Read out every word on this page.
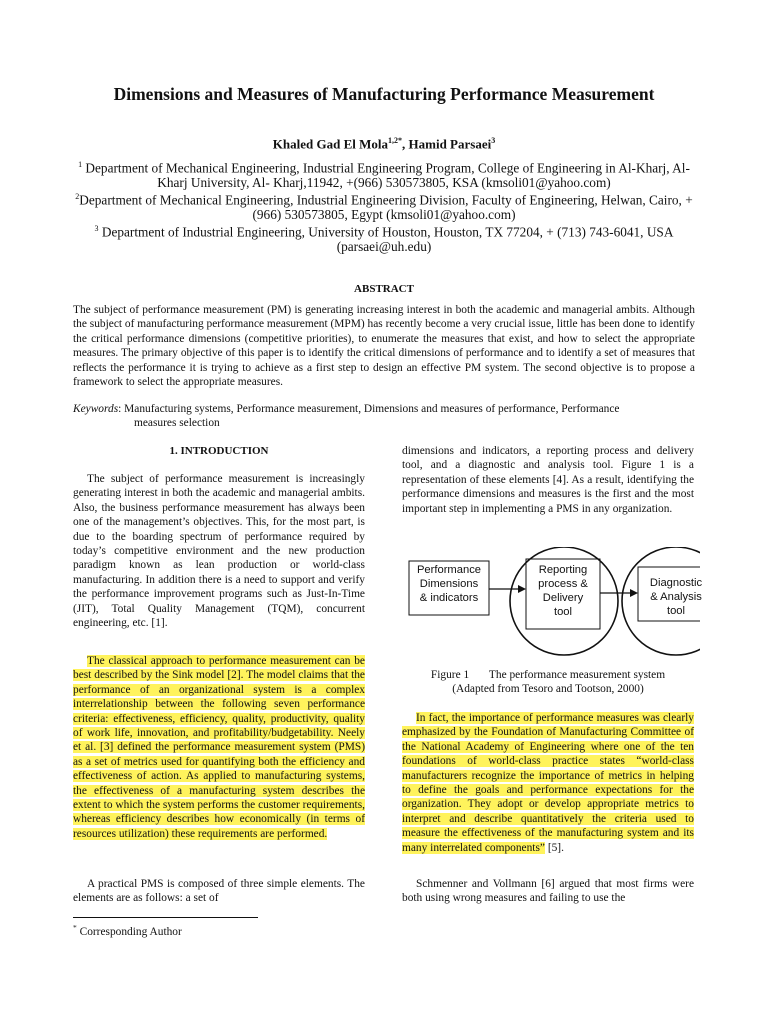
Dimensions and Measures of Manufacturing Performance Measurement
Khaled Gad El Mola$^{1,2*}$, Hamid Parsaei$^3$
$^1$ Department of Mechanical Engineering, Industrial Engineering Program, College of Engineering in Al-Kharj, Al- Kharj University, Al- Kharj,11942, +(966) 530573805, KSA (kmsoli01@yahoo.com)
$^2$Department of Mechanical Engineering, Industrial Engineering Division, Faculty of Engineering, Helwan, Cairo, +(966) 530573805, Egypt (kmsoli01@yahoo.com)
$^3$ Department of Industrial Engineering, University of Houston, Houston, TX 77204, + (713) 743-6041, USA (parsaei@uh.edu)
ABSTRACT
The subject of performance measurement (PM) is generating increasing interest in both the academic and managerial ambits. Although the subject of manufacturing performance measurement (MPM) has recently become a very crucial issue, little has been done to identify the critical performance dimensions (competitive priorities), to enumerate the measures that exist, and how to select the appropriate measures. The primary objective of this paper is to identify the critical dimensions of performance and to identify a set of measures that reflects the performance it is trying to achieve as a first step to design an effective PM system. The second objective is to propose a framework to select the appropriate measures.
Keywords: Manufacturing systems, Performance measurement, Dimensions and measures of performance, Performance
measures selection
1. INTRODUCTION

The subject of performance measurement is increasingly generating interest in both the academic and managerial ambits. Also, the business performance measurement has always been one of the management’s objectives. This, for the most part, is due to the boarding spectrum of performance required by today’s competitive environment and the new production paradigm known as lean production or world-class manufacturing. In addition there is a need to support and verify the performance improvement programs such as Just-In-Time (JIT), Total Quality Management (TQM), concurrent engineering, etc. [1].

The classical approach to performance measurement can be best described by the Sink model [2]. The model claims that the performance of an organizational system is a complex interrelationship between the following seven performance criteria: effectiveness, efficiency, quality, productivity, quality of work life, innovation, and profitability/budgetability. Neely et al. [3] defined the performance measurement system (PMS) as a set of metrics used for quantifying both the efficiency and effectiveness of action. As applied to manufacturing systems, the effectiveness of a manufacturing system describes the extent to which the system performs the customer requirements, whereas efficiency describes how economically (in terms of resources utilization) these requirements are performed.

A practical PMS is composed of three simple elements. The elements are as follows: a set of

dimensions and indicators, a reporting process and delivery tool, and a diagnostic and analysis tool. Figure 1 is a representation of these elements [4]. As a result, identifying the performance dimensions and measures is the first and the most important step in implementing a PMS in any organization.

Performance
Dimensions
& indicators
Reporting
process &
Delivery
tool
Diagnostic
& Analysis
tool
Figure 1       The performance measurement system
(Adapted from Tesoro and Tootson, 2000)

In fact, the importance of performance measures was clearly emphasized by the Foundation of Manufacturing Committee of the National Academy of Engineering where one of the ten foundations of world-class practice states “world-class manufacturers recognize the importance of metrics in helping to define the goals and performance expectations for the organization. They adopt or develop appropriate metrics to interpret and describe quantitatively the criteria used to measure the effectiveness of the manufacturing system and its many interrelated components” [5].

Schmenner and Vollmann [6] argued that most firms were both using wrong measures and failing to use the

* Corresponding Author
